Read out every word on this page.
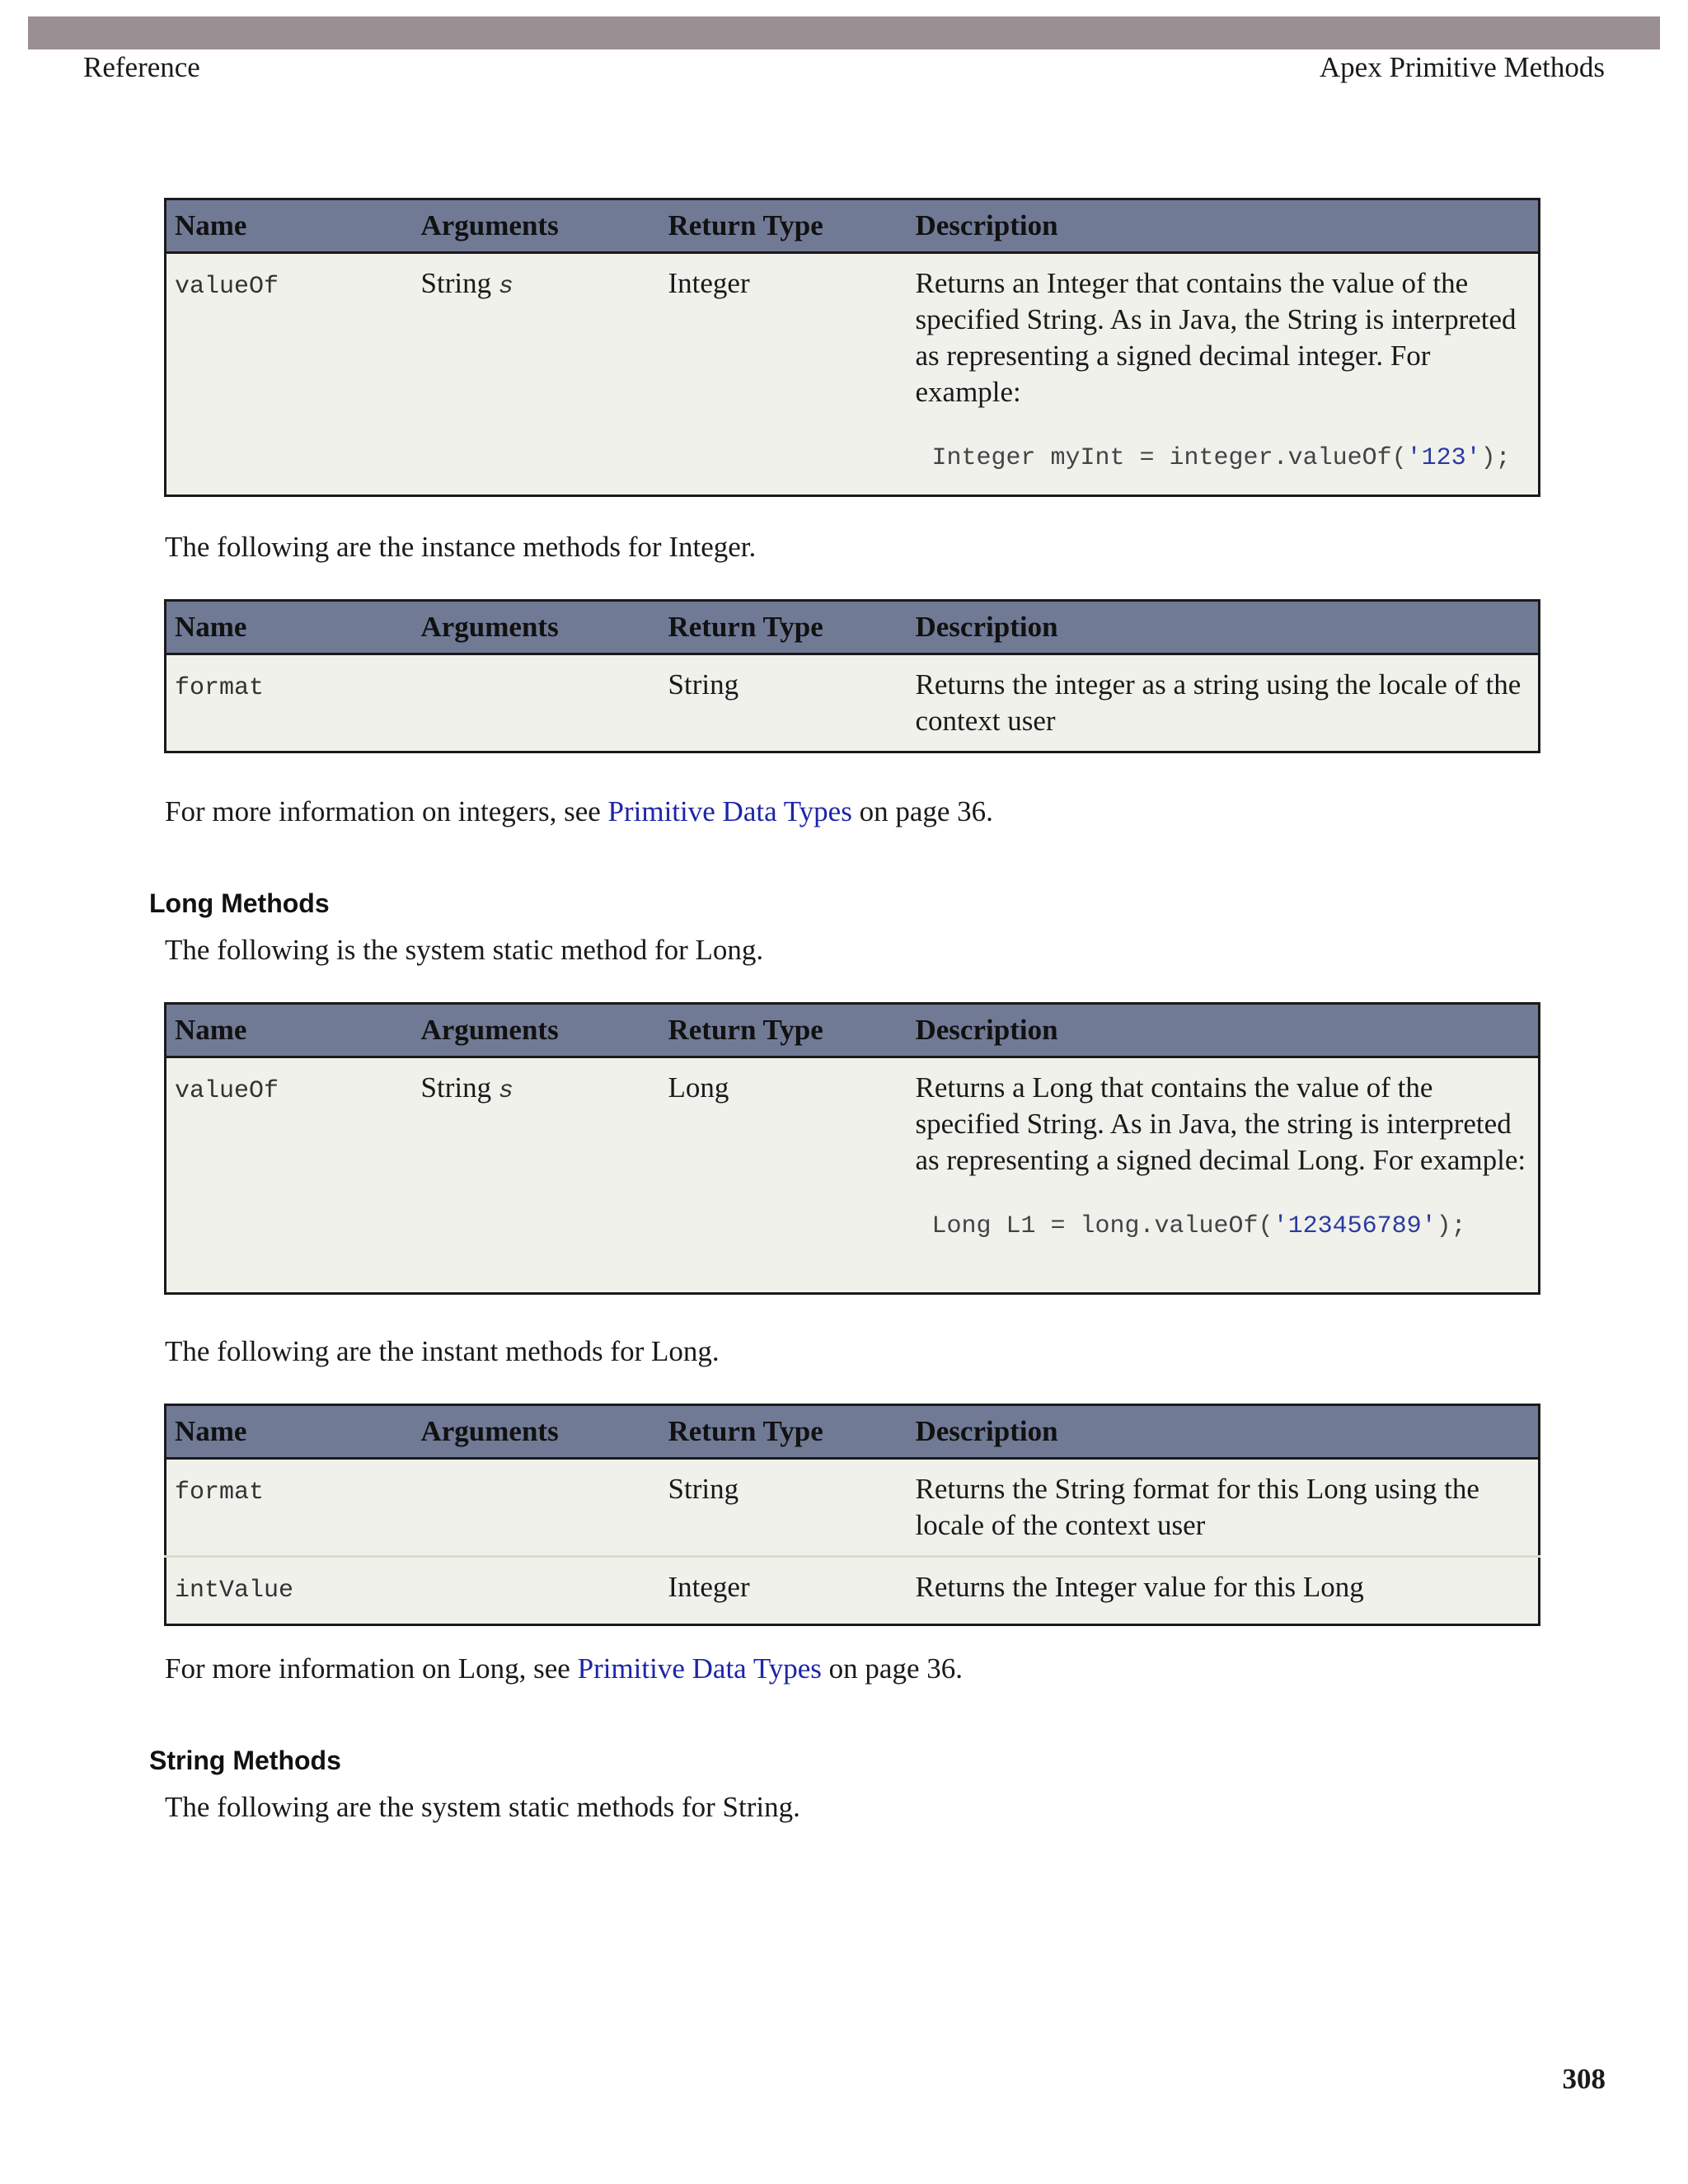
Reference	Apex Primitive Methods
Name	Arguments	Return Type	Description
valueOf	String s	Integer	Returns an Integer that contains the value of the specified String. As in Java, the String is interpreted as representing a signed decimal integer. For example:
Integer myInt = integer.valueOf('123');
The following are the instance methods for Integer.
Name	Arguments	Return Type	Description
format		String	Returns the integer as a string using the locale of the context user
For more information on integers, see Primitive Data Types on page 36.
Long Methods
The following is the system static method for Long.
Name	Arguments	Return Type	Description
valueOf	String s	Long	Returns a Long that contains the value of the specified String. As in Java, the string is interpreted as representing a signed decimal Long. For example:
Long L1 = long.valueOf('123456789');
The following are the instant methods for Long.
Name	Arguments	Return Type	Description
format		String	Returns the String format for this Long using the locale of the context user
intValue		Integer	Returns the Integer value for this Long
For more information on Long, see Primitive Data Types on page 36.
String Methods
The following are the system static methods for String.
308
